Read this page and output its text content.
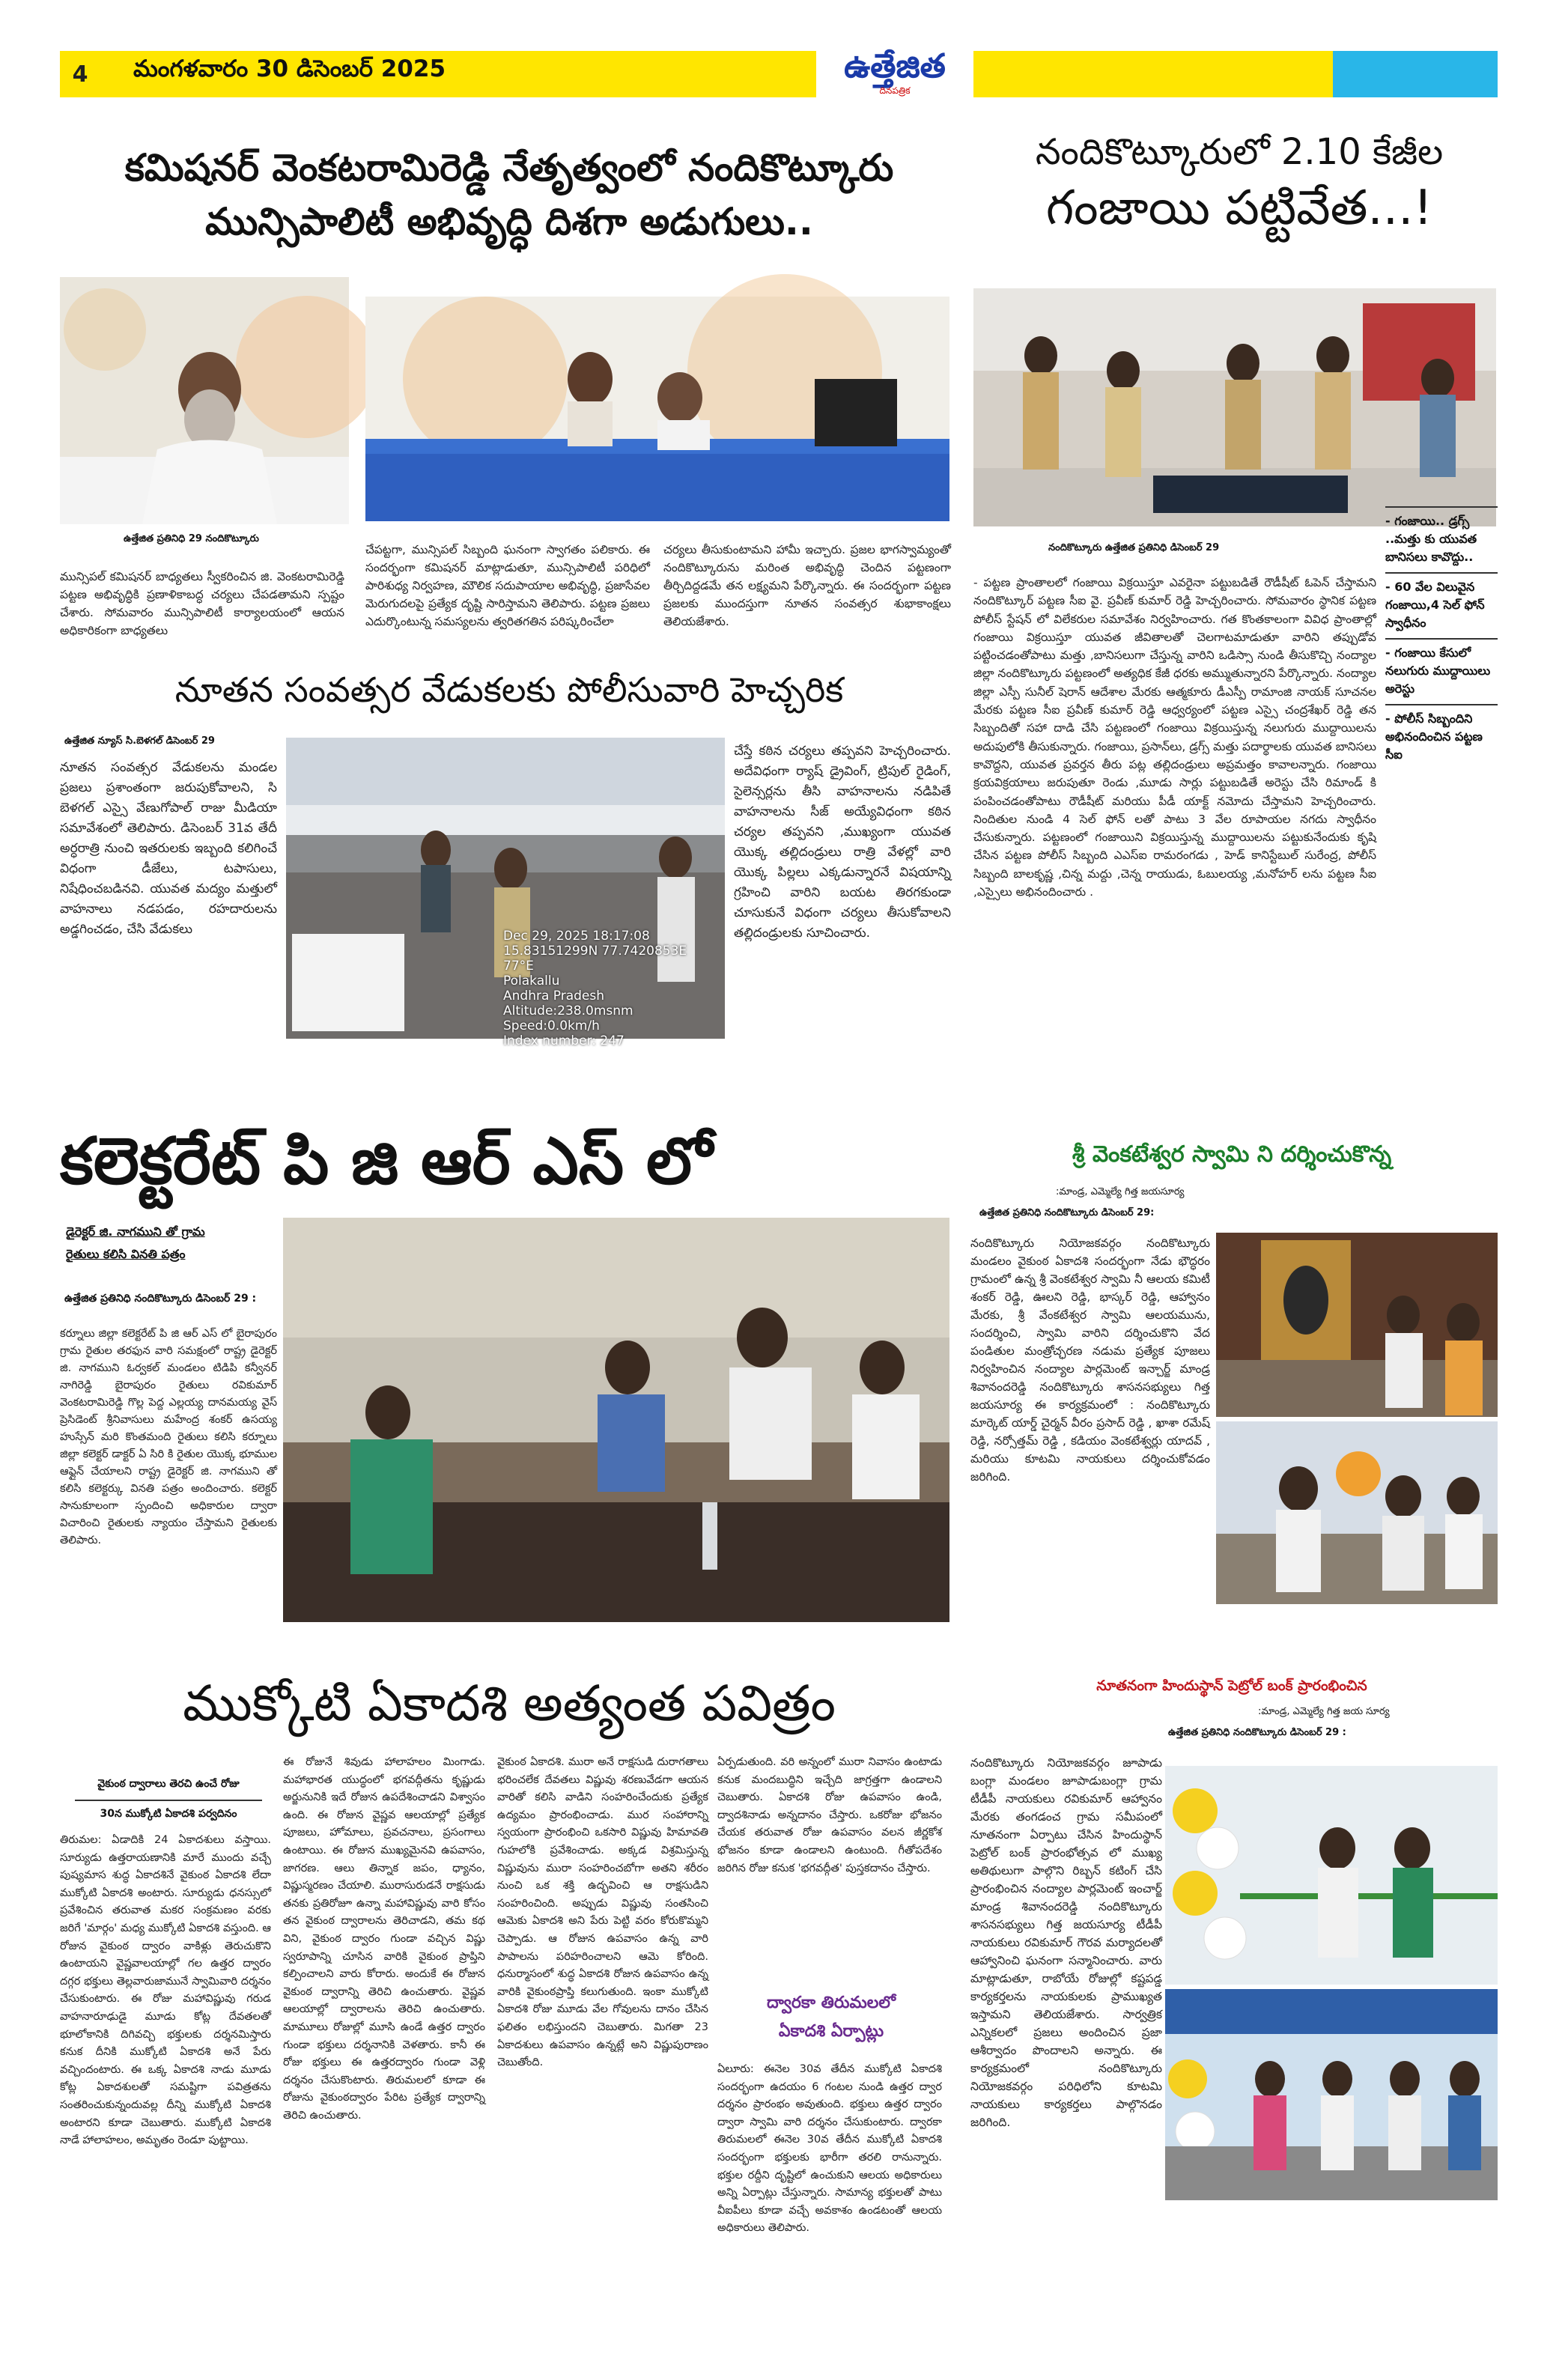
4	మంగళవారం 30 డిసెంబర్ 2025	ఉత్తేజిత
దినపత్రిక
కమిషనర్ వెంకటరామిరెడ్డి నేతృత్వంలో నందికొట్కూరు
మున్సిపాలిటీ అభివృద్ధి దిశగా అడుగులు..
ఉత్తేజిత ప్రతినిధి 29 నందికొట్కూరు
మున్సిపల్ కమిషనర్ బాధ్యతలు స్వీకరించిన జి. వెంకటరామిరెడ్డి పట్టణ అభివృద్ధికి ప్రణాళికాబద్ధ చర్యలు చేపడతామని స్పష్టం చేశారు. సోమవారం మున్సిపాలిటీ కార్యాలయంలో ఆయన అధికారికంగా బాధ్యతలు
చేపట్టగా, మున్సిపల్ సిబ్బంది ఘనంగా స్వాగతం పలికారు. ఈ సందర్భంగా కమిషనర్ మాట్లాడుతూ, మున్సిపాలిటీ పరిధిలో పారిశుధ్య నిర్వహణ, మౌలిక సదుపాయాల అభివృద్ధి, ప్రజాసేవల మెరుగుదలపై ప్రత్యేక దృష్టి సారిస్తామని తెలిపారు. పట్టణ ప్రజలు ఎదుర్కొంటున్న సమస్యలను త్వరితగతిన పరిష్కరించేలా
చర్యలు తీసుకుంటామని హామీ ఇచ్చారు. ప్రజల భాగస్వామ్యంతో నందికొట్కూరును మరింత అభివృద్ధి చెందిన పట్టణంగా తీర్చిదిద్దడమే తన లక్ష్యమని పేర్కొన్నారు. ఈ సందర్భంగా పట్టణ ప్రజలకు ముందస్తుగా నూతన సంవత్సర శుభాకాంక్షలు తెలియజేశారు.
నూతన సంవత్సర వేడుకలకు పోలీసువారి హెచ్చరిక
ఉత్తేజిత న్యూస్ సి.బెళగల్ డిసెంబర్ 29
నూతన సంవత్సర వేడుకలను మండల ప్రజలు ప్రశాంతంగా జరుపుకోవాలని, సి బెళగల్ ఎస్సై వేణుగోపాల్ రాజు మీడియా సమావేశంలో తెలిపారు. డిసెంబర్ 31వ తేదీ అర్ధరాత్రి నుంచి ఇతరులకు ఇబ్బంది కలిగించే విధంగా డీజేలు, టపాసులు, నిషేధించబడినవి. యువత మద్యం మత్తులో వాహనాలు నడపడం, రహదారులను అడ్డగించడం, చేసి వేడుకలు	Dec 29, 2025 18:17:08
15.83151299N 77.7420853E
77°E
Polakallu
Andhra Pradesh
Altitude:238.0msnm
Speed:0.0km/h
Index number: 247
చేస్తే కఠిన చర్యలు తప్పవని హెచ్చరించారు. అదేవిధంగా ర్యాష్ డ్రైవింగ్, ట్రిపుల్ రైడింగ్, సైలెన్సర్లను తీసి వాహనాలను నడిపితే వాహనాలను సీజ్ అయ్యేవిధంగా కఠిన చర్యల తప్పవని ,ముఖ్యంగా యువత యొక్క తల్లిదండ్రులు రాత్రి వేళల్లో వారి యొక్క పిల్లలు ఎక్కడున్నారనే విషయాన్ని గ్రహించి వారిని బయట తిరగకుండా చూసుకునే విధంగా చర్యలు తీసుకోవాలని తల్లిదండ్రులకు సూచించారు.
నందికొట్కూరులో 2.10 కేజీల
గంజాయి పట్టివేత...!
నందికొట్కూరు ఉత్తేజిత ప్రతినిధి డిసెంబర్ 29
- గంజాయి.. డ్రగ్స్ ..మత్తు కు యువత బానిసలు కావొద్దు..
- 60 వేల విలువైన గంజాయి,4 సెల్ ఫోన్ స్వాధీనం
- గంజాయి కేసులో నలుగురు ముద్దాయిలు అరెస్టు
- పోలీస్ సిబ్బందిని అభినందించిన పట్టణ సీఐ
- పట్టణ ప్రాంతాలలో గంజాయి విక్రయిస్తూ ఎవరైనా పట్టుబడితే రౌడీషీట్ ఓపెన్ చేస్తామని నందికొట్కూర్ పట్టణ సీఐ వై. ప్రవీణ్ కుమార్ రెడ్డి హెచ్చరించారు. సోమవారం స్థానిక పట్టణ పోలీస్ స్టేషన్ లో విలేకరుల సమావేశం నిర్వహించారు. గత కొంతకాలంగా వివిధ ప్రాంతాల్లో గంజాయి విక్రయిస్తూ యువత జీవితాలతో చెలగాటమాడుతూ వారిని తప్పుడోవ పట్టించడంతోపాటు మత్తు ,బానిసలుగా చేస్తున్న వారిని ఒడిస్సా నుండి తీసుకొచ్చి నంద్యాల జిల్లా నందికొట్కూరు పట్టణంలో అత్యధిక కేజీ ధరకు అమ్ముతున్నారని పేర్కొన్నారు. నంద్యాల జిల్లా ఎస్పీ సునీల్ షెరాన్ ఆదేశాల మేరకు ఆత్మకూరు డీఎస్పీ రామాంజి నాయక్ సూచనల మేరకు పట్టణ సీఐ ప్రవీణ్ కుమార్ రెడ్డి ఆధ్వర్యంలో పట్టణ ఎస్సై చంద్రశేఖర్ రెడ్డి తన సిబ్బందితో సహా దాడి చేసి పట్టణంలో గంజాయి విక్రయిస్తున్న నలుగురు ముద్దాయిలను అదుపులోకి తీసుకున్నారు. గంజాయి, ప్రసాన్‌లు, డ్రగ్స్ మత్తు పదార్థాలకు యువత బానిసలు కావొద్దని, యువత ప్రవర్తన తీరు పట్ల తల్లిదండ్రులు అప్రమత్తం కావాలన్నారు. గంజాయి క్రయవిక్రయాలు జరుపుతూ రెండు ,మూడు సార్లు పట్టుబడితే అరెస్టు చేసి రిమాండ్ కి పంపించడంతోపాటు రౌడీషీట్ మరియు పీడీ యాక్ట్ నమోదు చేస్తామని హెచ్చరించారు. నిందితుల నుండి 4 సెల్ ఫోన్ లతో పాటు 3 వేల రూపాయల నగదు స్వాధీనం చేసుకున్నారు. పట్టణంలో గంజాయిని విక్రయిస్తున్న ముద్దాయిలను పట్టుకునేందుకు కృషి చేసిన పట్టణ పోలీస్ సిబ్బంది ఎఎస్ఐ రామరంగడు , హెడ్ కానిస్టేబుల్ సురేంద్ర, పోలీస్ సిబ్బంది బాలకృష్ణ ,చిన్న మద్దు ,చెన్న రాయుడు, ఓబులయ్య ,మనోహర్ లను పట్టణ సీఐ ,ఎస్సైలు అభినందించారు .
కలెక్టరేట్ పి జి ఆర్ ఎస్ లో
డైరెక్టర్ జి. నాగముని తో గ్రామ
రైతులు కలిసి వినతి పత్రం
ఉత్తేజిత ప్రతినిధి నందికొట్కూరు డిసెంబర్ 29 :
కర్నూలు జిల్లా కలెక్టరేట్ పి జి ఆర్ ఎస్ లో బైరాపురం గ్రామ రైతుల తరఫున వారి సమక్షంలో రాష్ట్ర డైరెక్టర్ జి. నాగముని ఓర్వకల్ మండలం టిడిపి కన్వీనర్ నాగిరెడ్డి బైరాపురం రైతులు రవికుమార్ వెంకటరామిరెడ్డి గొల్ల పెద్ద ఎల్లయ్య దానమయ్య వైస్ ప్రెసిడెంట్ శ్రీనివాసులు మహేంద్ర శంకర్ ఉసయ్య హుస్సేన్ మరి కొంతమంది రైతులు కలిసి కర్నూలు జిల్లా కలెక్టర్ డాక్టర్ ఏ సిరి కి రైతుల యొక్క భూముల ఆఫ్లైన్ చేయాలని రాష్ట్ర డైరెక్టర్ జి. నాగముని తో కలిసి కలెక్టర్కు వినతి పత్రం అందించారు. కలెక్టర్ సానుకూలంగా స్పందించి అధికారుల ద్వారా విచారించి రైతులకు న్యాయం చేస్తామని రైతులకు తెలిపారు.
శ్రీ వెంకటేశ్వర స్వామి ని దర్శించుకొన్న
:మాండ్ర, ఎమ్మెల్యే గిత్త జయసూర్య
ఉత్తేజిత ప్రతినిధి నందికొట్కూరు డిసెంబర్ 29:
నందికొట్కూరు నియోజకవర్గం నందికొట్కూరు మండలం వైకుంఠ ఏకాదశి సందర్భంగా నేడు భౌద్ధరం గ్రామంలో ఉన్న శ్రీ వెంకటేశ్వర స్వామి నీ ఆలయ కమిటీ శంకర్ రెడ్డి, ఊలని రెడ్డి, భాస్కర్ రెడ్డి, ఆహ్వానం మేరకు, శ్రీ వేంకటేశ్వర స్వామి ఆలయమును, సందర్శించి, స్వామి వారిని దర్శించుకొని వేద పండితుల మంత్రోచ్ఛరణ నడుమ ప్రత్యేక పూజలు నిర్వహించిన నంద్యాల పార్లమెంట్ ఇన్చార్జ్ మాండ్ర శివానందరెడ్డి నందికొట్కూరు శాసనసభ్యులు గిత్త జయసూర్య ఈ కార్యక్రమంలో : నందికొట్కూరు మార్కెట్ యార్డ్ చైర్మన్ వీరం ప్రసాద్ రెడ్డి , ఖాశా రమేష్ రెడ్డి, నర్సోత్తమ్ రెడ్డి , కడియం వెంకటేశ్వర్లు యాదవ్ , మరియు కూటమి నాయకులు దర్శించుకోవడం జరిగింది.
ముక్కోటి ఏకాదశి అత్యంత పవిత్రం
వైకుంఠ ద్వారాలు తెరచి ఉంచే రోజు
30న ముక్కోటి ఏకాదశి పర్వదినం
తిరుమల: ఏడాదికి 24 ఏకాదశులు వస్తాయి. సూర్యుడు ఉత్తరాయణానికి మారే ముందు వచ్చే పుష్యమాస శుద్ధ ఏకాదశినే వైకుంఠ ఏకాదశి లేదా ముక్కోటి ఏకాదశి అంటారు. సూర్యుడు ధనస్సులో ప్రవేశించిన తరువాత మకర సంక్రమణం వరకు జరిగే 'మార్గం' మధ్య ముక్కోటి ఏకాదశి వస్తుంది. ఆ రోజున వైకుంఠ ద్వారం వాకిళ్లు తెరుచుకొని ఉంటాయని వైష్ణవాలయాల్లో గల ఉత్తర ద్వారం దగ్గర భక్తులు తెల్లవారుజామునే స్వామివారి దర్శనం చేసుకుంటారు. ఈ రోజు మహావిష్ణువు గరుడ వాహనారూఢుడై మూడు కోట్ల దేవతలతో భూలోకానికి దిగివచ్చి భక్తులకు దర్శనమిస్తారు కనుక దీనికి ముక్కోటి ఏకాదశి అనే పేరు వచ్చిందంటారు. ఈ ఒక్క ఏకాదశి నాడు మూడు కోట్ల ఏకాదశులతో సమష్టిగా పవిత్రతను సంతరించుకున్నందువల్ల దీన్ని ముక్కోటి ఏకాదశి అంటారని కూడా చెబుతారు. ముక్కోటి ఏకాదశి నాడే హాలాహలం, అమృతం రెండూ పుట్టాయి.
ఈ రోజునే శివుడు హాలాహలం మింగాడు. మహాభారత యుద్ధంలో భగవద్గీతను కృష్ణుడు అర్జునునికి ఇదే రోజున ఉపదేశించాడని విశ్వాసం ఉంది. ఈ రోజున వైష్ణవ ఆలయాల్లో ప్రత్యేక పూజలు, హోమాలు, ప్రవచనాలు, ప్రసంగాలు ఉంటాయి. ఈ రోజున ముఖ్యమైనవి ఉపవాసం, జాగరణ. ఆలు తిన్నాక జపం, ధ్యానం, విష్ణుస్మరణం చేయాలి. మురాసురుడనే రాక్షసుడు తనకు ప్రతిరోజూ ఉన్నా మహావిష్ణువు వారి కోసం తన వైకుంఠ ద్వారాలను తెరిచాడని, తమ కథ విని, వైకుంఠ ద్వారం గుండా వచ్చిన విష్ణు స్వరూపాన్ని చూసిన వారికి వైకుంఠ ప్రాప్తిని కల్పించాలని వారు కోరారు. అందుకే ఈ రోజున వైకుంఠ ద్వారాన్ని తెరిచి ఉంచుతారు. వైష్ణవ ఆలయాల్లో ద్వారాలను తెరిచి ఉంచుతారు. మామూలు రోజుల్లో మూసి ఉండే ఉత్తర ద్వారం గుండా భక్తులు దర్శనానికి వెళతారు. కానీ ఈ రోజు భక్తులు ఈ ఉత్తరద్వారం గుండా వెళ్లి దర్శనం చేసుకొంటారు. తిరుమలలో కూడా ఈ రోజును వైకుంఠద్వారం పేరిట ప్రత్యేక ద్వారాన్ని తెరిచి ఉంచుతారు.
వైకుంఠ ఏకాదశి. మురా అనే రాక్షసుడి దురాగతాలు భరించలేక దేవతలు విష్ణువు శరణువేడగా ఆయన వారితో కలిసి వాడిని సంహరించేందుకు ప్రత్యేక ఉద్యమం ప్రారంభించాడు. ముర సంహారాన్ని స్వయంగా ప్రారంభించి ఒకసారి విష్ణువు హిమావతి గుహలోకి ప్రవేశించాడు. అక్కడ విశ్రమిస్తున్న విష్ణువును మురా సంహరించబోగా అతని శరీరం నుంచి ఒక శక్తి ఉద్భవించి ఆ రాక్షసుడిని సంహరించింది. అప్పుడు విష్ణువు సంతసించి ఆమెకు ఏకాదశి అని పేరు పెట్టి వరం కోరుకొమ్మని చెప్పాడు. ఆ రోజున ఉపవాసం ఉన్న వారి పాపాలను పరిహరించాలని ఆమె కోరింది. ధనుర్మాసంలో శుద్ధ ఏకాదశి రోజున ఉపవాసం ఉన్న వారికి వైకుంఠప్రాప్తి కలుగుతుంది. ఇంకా ముక్కోటి ఏకాదశి రోజు మూడు వేల గోవులను దానం చేసిన ఫలితం లభిస్తుందని చెబుతారు. మిగతా 23 ఏకాదశులు ఉపవాసం ఉన్నట్లే అని విష్ణుపురాణం చెబుతోంది.
ఏర్పడుతుంది. వరి అన్నంలో మురా నివాసం ఉంటాడు కనుక మందబుద్ధిని ఇచ్చేది జాగ్రత్తగా ఉండాలని చెబుతారు. ఏకాదశి రోజు ఉపవాసం ఉండి, ద్వాదశినాడు అన్నదానం చేస్తారు. ఒకరోజు భోజనం చేయక తరువాత రోజు ఉపవాసం వలన జీర్ణకోశ భోజనం కూడా ఉండాలని ఉంటుంది. గీతోపదేశం జరిగిన రోజు కనుక 'భగవద్గీత' పుస్తకదానం చేస్తారు.
ద్వారకా తిరుమలలో
ఏకాదశి ఏర్పాట్లు
ఏలూరు: ఈనెల 30వ తేదీన ముక్కోటి ఏకాదశి సందర్భంగా ఉదయం 6 గంటల నుండి ఉత్తర ద్వార దర్శనం ప్రారంభం అవుతుంది. భక్తులు ఉత్తర ద్వారం ద్వారా స్వామి వారి దర్శనం చేసుకుంటారు. ద్వారకా తిరుమలలో ఈనెల 30వ తేదీన ముక్కోటి ఏకాదశి సందర్భంగా భక్తులకు భారీగా తరలి రానున్నారు. భక్తుల రద్దీని దృష్టిలో ఉంచుకుని ఆలయ అధికారులు అన్ని ఏర్పాట్లు చేస్తున్నారు. సామాన్య భక్తులతో పాటు వీఐపీలు కూడా వచ్చే అవకాశం ఉండటంతో ఆలయ అధికారులు తెలిపారు.
నూతనంగా హిందుస్థాన్ పెట్రోల్ బంక్ ప్రారంభించిన
:మాండ్ర, ఎమ్మెల్యే గిత్త జయ సూర్య
ఉత్తేజిత ప్రతినిధి నందికొట్కూరు డిసెంబర్ 29 :
నందికొట్కూరు నియోజకవర్గం జూపాడు బంగ్లా మండలం జూపాడుబంగ్లా గ్రామ టీడీపీ నాయకులు రవికుమార్ ఆహ్వానం మేరకు తంగడంచ గ్రామ సమీపంలో నూతనంగా ఏర్పాటు చేసిన హిందుస్థాన్ పెట్రోల్ బంక్ ప్రారంభోత్సవ లో ముఖ్య అతిథులుగా పాల్గొని రిబ్బన్ కటింగ్ చేసి ప్రారంభించిన నంద్యాల పార్లమెంట్ ఇంచార్జ్ మాండ్ర శివానందరెడ్డి నందికొట్కూరు శాసనసభ్యులు గిత్త జయసూర్య టీడీపీ నాయకులు రవికుమార్ గౌరవ మర్యాదలతో ఆహ్వానించి ఘనంగా సన్మానించారు. వారు మాట్లాడుతూ, రాబోయే రోజుల్లో కష్టపడ్డ కార్యకర్తలను నాయకులకు ప్రాముఖ్యత ఇస్తామని తెలియజేశారు. సార్వత్రిక ఎన్నికలలో ప్రజలు అందించిన ప్రజా ఆశీర్వాదం పొందాలని అన్నారు. ఈ కార్యక్రమంలో నందికొట్కూరు నియోజకవర్గం పరిధిలోని కూటమి నాయకులు కార్యకర్తలు పాల్గొనడం జరిగింది.
